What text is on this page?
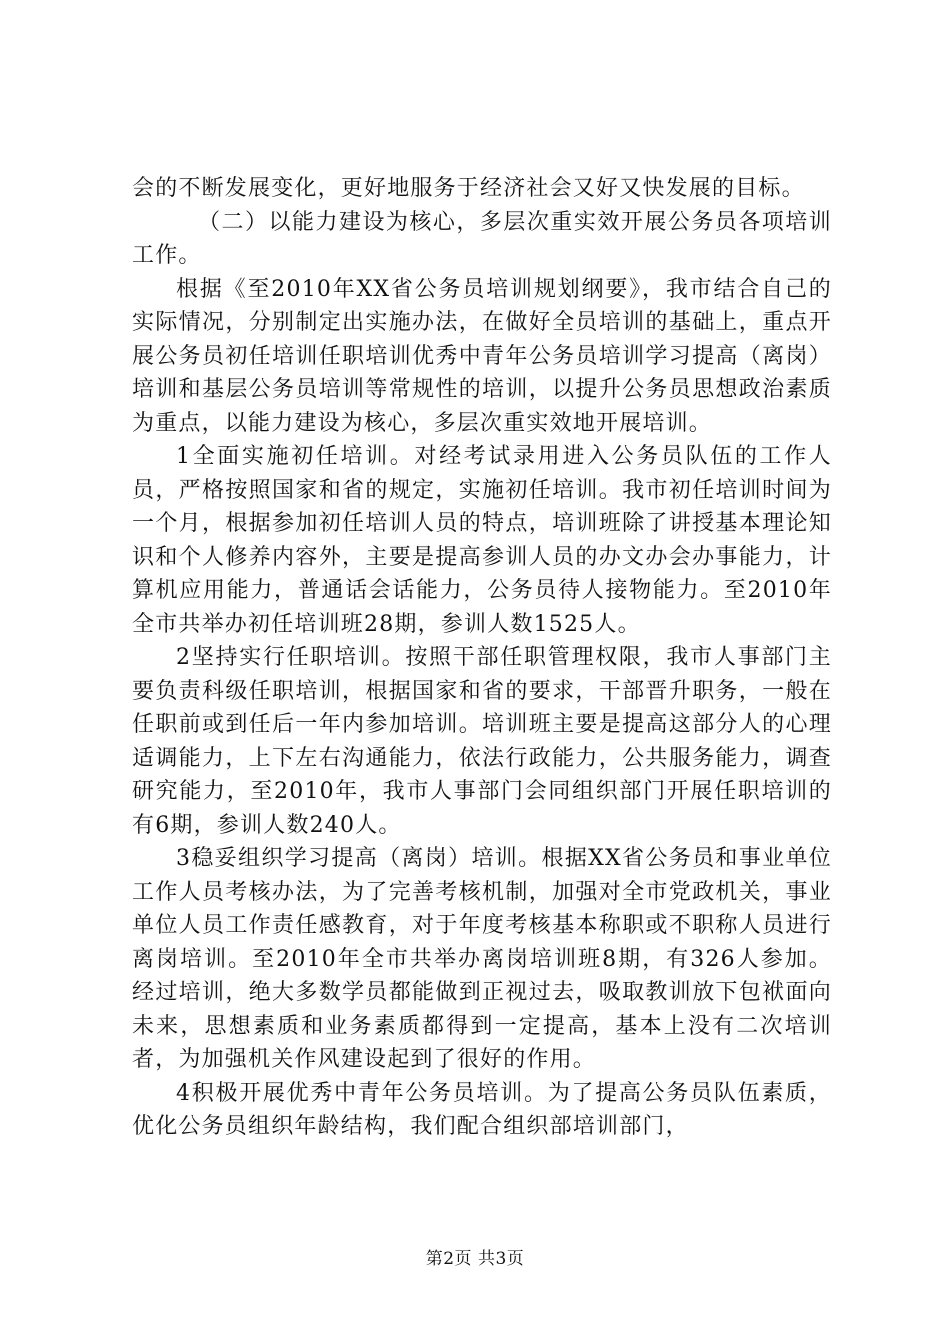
会的不断发展变化，更好地服务于经济社会又好又快发展的目标。

（二）以能力建设为核心，多层次重实效开展公务员各项培训工作。

根据《至2010年XX省公务员培训规划纲要》，我市结合自己的实际情况，分别制定出实施办法，在做好全员培训的基础上，重点开展公务员初任培训任职培训优秀中青年公务员培训学习提高（离岗）培训和基层公务员培训等常规性的培训，以提升公务员思想政治素质为重点，以能力建设为核心，多层次重实效地开展培训。

1全面实施初任培训。对经考试录用进入公务员队伍的工作人员，严格按照国家和省的规定，实施初任培训。我市初任培训时间为一个月，根据参加初任培训人员的特点，培训班除了讲授基本理论知识和个人修养内容外，主要是提高参训人员的办文办会办事能力，计算机应用能力，普通话会话能力，公务员待人接物能力。至2010年全市共举办初任培训班28期，参训人数1525人。

2坚持实行任职培训。按照干部任职管理权限，我市人事部门主要负责科级任职培训，根据国家和省的要求，干部晋升职务，一般在任职前或到任后一年内参加培训。培训班主要是提高这部分人的心理适调能力，上下左右沟通能力，依法行政能力，公共服务能力，调查研究能力，至2010年，我市人事部门会同组织部门开展任职培训的有6期，参训人数240人。

3稳妥组织学习提高（离岗）培训。根据XX省公务员和事业单位工作人员考核办法，为了完善考核机制，加强对全市党政机关，事业单位人员工作责任感教育，对于年度考核基本称职或不职称人员进行离岗培训。至2010年全市共举办离岗培训班8期，有326人参加。经过培训，绝大多数学员都能做到正视过去，吸取教训放下包袱面向未来，思想素质和业务素质都得到一定提高，基本上没有二次培训者，为加强机关作风建设起到了很好的作用。

4积极开展优秀中青年公务员培训。为了提高公务员队伍素质，优化公务员组织年龄结构，我们配合组织部培训部门，

第2页 共3页
